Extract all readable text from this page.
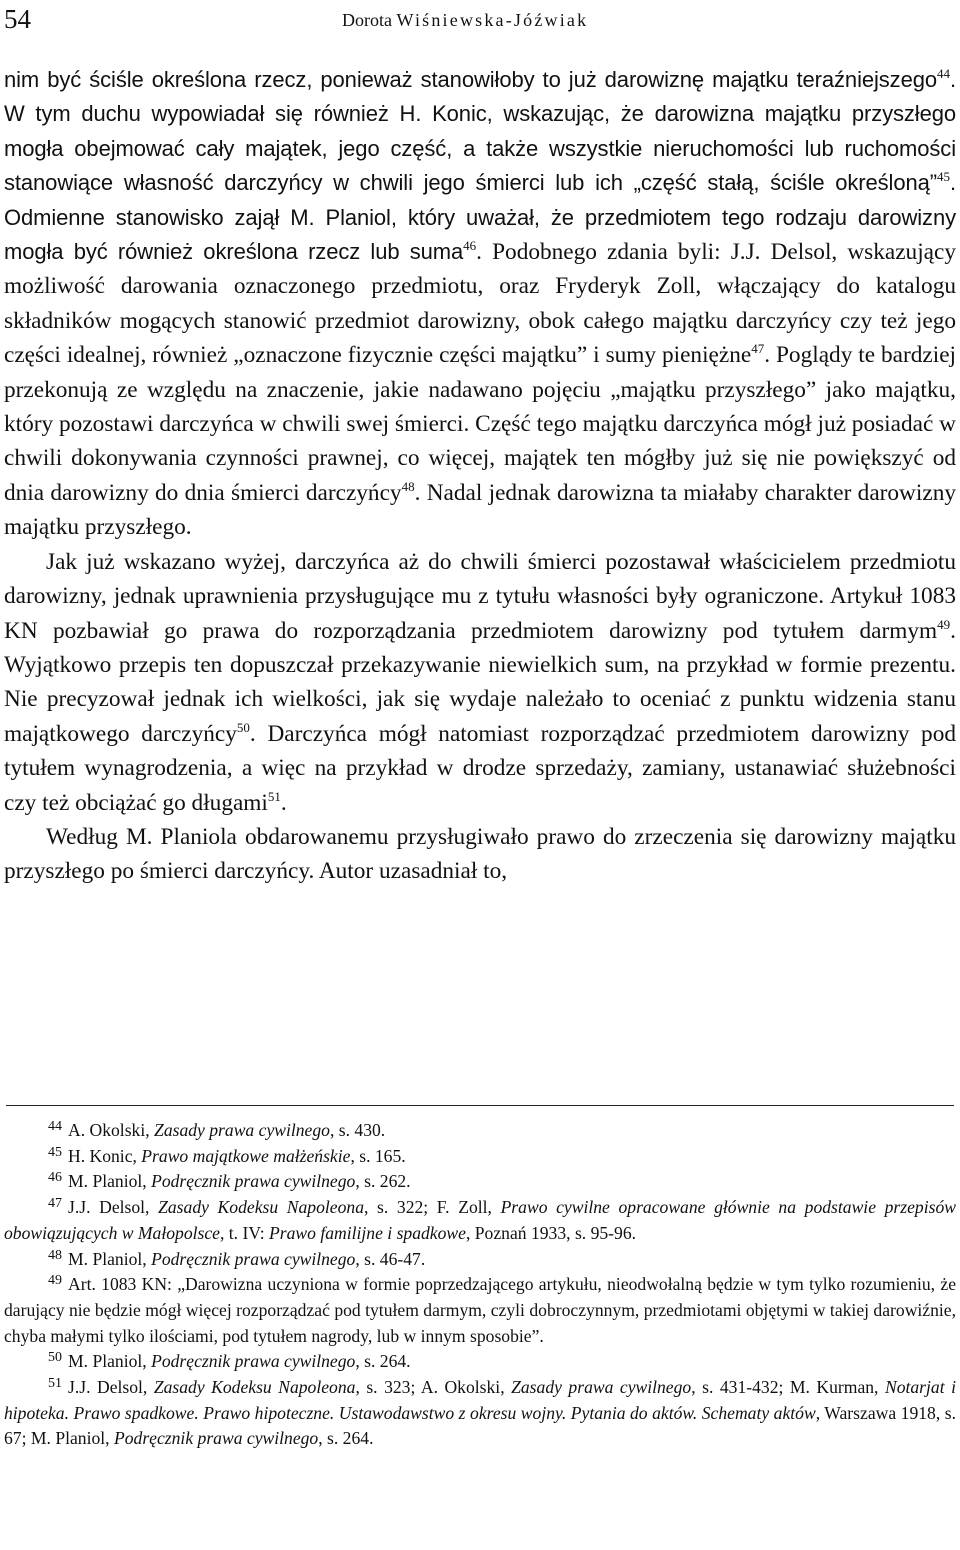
54	Dorota Wiśniewska-Jóźwiak

nim być ściśle określona rzecz, ponieważ stanowiłoby to już darowiznę majątku teraźniejszego$^{44}$. W tym duchu wypowiadał się również H. Konic, wskazując, że darowizna majątku przyszłego mogła obejmować cały majątek, jego część, a także wszystkie nieruchomości lub ruchomości stanowiące własność darczyńcy w chwili jego śmierci lub ich „część stałą, ściśle określoną”$^{45}$. Odmienne stanowisko zajął M. Planiol, który uważał, że przedmiotem tego rodzaju darowizny mogła być również określona rzecz lub suma$^{46}$. Podobnego zdania byli: J.J. Delsol, wskazujący możliwość darowania oznaczonego przedmiotu, oraz Fryderyk Zoll, włączający do katalogu składników mogących stanowić przedmiot darowizny, obok całego majątku darczyńcy czy też jego części idealnej, również „oznaczone fizycznie części majątku” i sumy pieniężne$^{47}$. Poglądy te bardziej przekonują ze względu na znaczenie, jakie nadawano pojęciu „majątku przyszłego” jako majątku, który pozostawi darczyńca w chwili swej śmierci. Część tego majątku darczyńca mógł już posiadać w chwili dokonywania czynności prawnej, co więcej, majątek ten mógłby już się nie powiększyć od dnia darowizny do dnia śmierci darczyńcy$^{48}$. Nadal jednak darowizna ta miałaby charakter darowizny majątku przyszłego.

Jak już wskazano wyżej, darczyńca aż do chwili śmierci pozostawał właścicielem przedmiotu darowizny, jednak uprawnienia przysługujące mu z tytułu własności były ograniczone. Artykuł 1083 KN pozbawiał go prawa do rozporządzania przedmiotem darowizny pod tytułem darmym$^{49}$. Wyjątkowo przepis ten dopuszczał przekazywanie niewielkich sum, na przykład w formie prezentu. Nie precyzował jednak ich wielkości, jak się wydaje należało to oceniać z punktu widzenia stanu majątkowego darczyńcy$^{50}$. Darczyńca mógł natomiast rozporządzać przedmiotem darowizny pod tytułem wynagrodzenia, a więc na przykład w drodze sprzedaży, zamiany, ustanawiać służebności czy też obciążać go długami$^{51}$.

Według M. Planiola obdarowanemu przysługiwało prawo do zrzeczenia się darowizny majątku przyszłego po śmierci darczyńcy. Autor uzasadniał to,

$^{44}$ A. Okolski, Zasady prawa cywilnego, s. 430.

$^{45}$ H. Konic, Prawo majątkowe małżeńskie, s. 165.

$^{46}$ M. Planiol, Podręcznik prawa cywilnego, s. 262.

$^{47}$ J.J. Delsol, Zasady Kodeksu Napoleona, s. 322; F. Zoll, Prawo cywilne opracowane głównie na podstawie przepisów obowiązujących w Małopolsce, t. IV: Prawo familijne i spadkowe, Poznań 1933, s. 95-96.

$^{48}$ M. Planiol, Podręcznik prawa cywilnego, s. 46-47.

$^{49}$ Art. 1083 KN: „Darowizna uczyniona w formie poprzedzającego artykułu, nieodwołalną będzie w tym tylko rozumieniu, że darujący nie będzie mógł więcej rozporządzać pod tytułem darmym, czyli dobroczynnym, przedmiotami objętymi w takiej darowiźnie, chyba małymi tylko ilościami, pod tytułem nagrody, lub w innym sposobie”.

$^{50}$ M. Planiol, Podręcznik prawa cywilnego, s. 264.

$^{51}$ J.J. Delsol, Zasady Kodeksu Napoleona, s. 323; A. Okolski, Zasady prawa cywilnego, s. 431-432; M. Kurman, Notarjat i hipoteka. Prawo spadkowe. Prawo hipoteczne. Ustawodawstwo z okresu wojny. Pytania do aktów. Schematy aktów, Warszawa 1918, s. 67; M. Planiol, Podręcznik prawa cywilnego, s. 264.
